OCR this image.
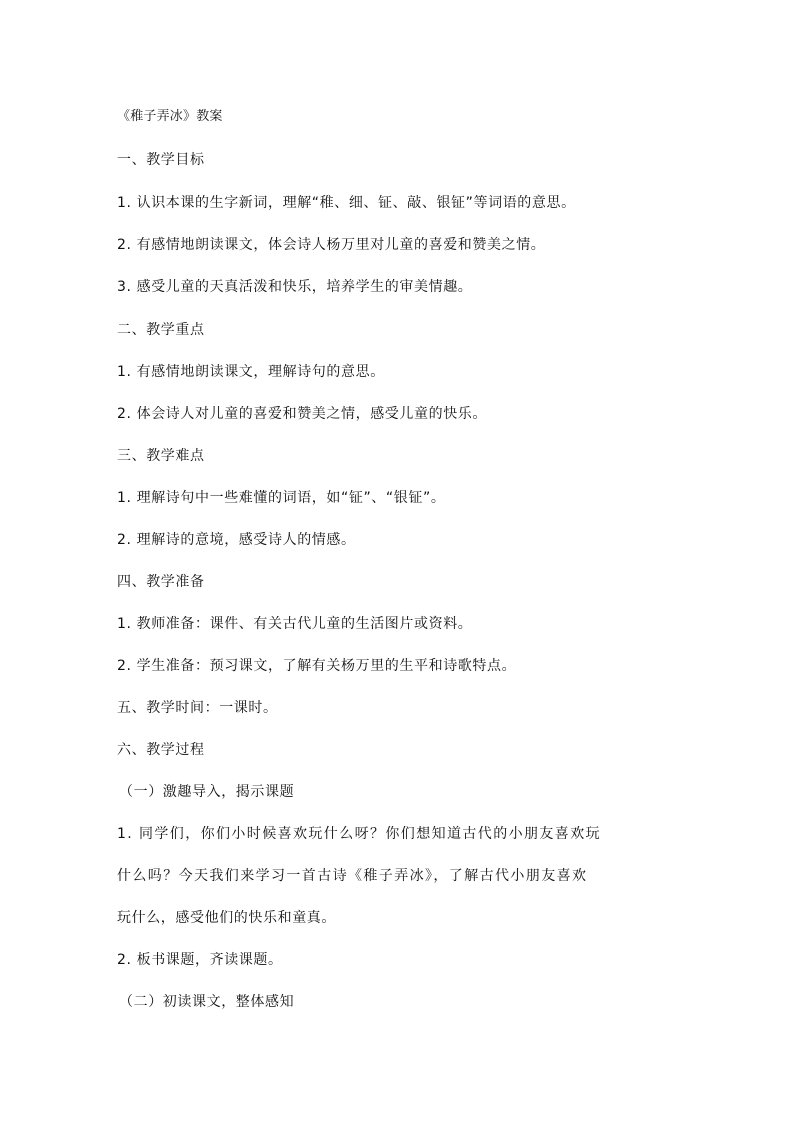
《稚子弄冰》教案
一、教学目标
1. 认识本课的生字新词，理解“稚、细、钲、敲、银钲”等词语的意思。
2. 有感情地朗读课文，体会诗人杨万里对儿童的喜爱和赞美之情。
3. 感受儿童的天真活泼和快乐，培养学生的审美情趣。
二、教学重点
1. 有感情地朗读课文，理解诗句的意思。
2. 体会诗人对儿童的喜爱和赞美之情，感受儿童的快乐。
三、教学难点
1. 理解诗句中一些难懂的词语，如“钲”、“银钲”。
2. 理解诗的意境，感受诗人的情感。
四、教学准备
1. 教师准备：课件、有关古代儿童的生活图片或资料。
2. 学生准备：预习课文，了解有关杨万里的生平和诗歌特点。
五、教学时间：一课时。
六、教学过程
（一）激趣导入，揭示课题
1. 同学们，你们小时候喜欢玩什么呀？你们想知道古代的小朋友喜欢玩
什么吗？今天我们来学习一首古诗《稚子弄冰》，了解古代小朋友喜欢
玩什么，感受他们的快乐和童真。
2. 板书课题，齐读课题。
（二）初读课文，整体感知
